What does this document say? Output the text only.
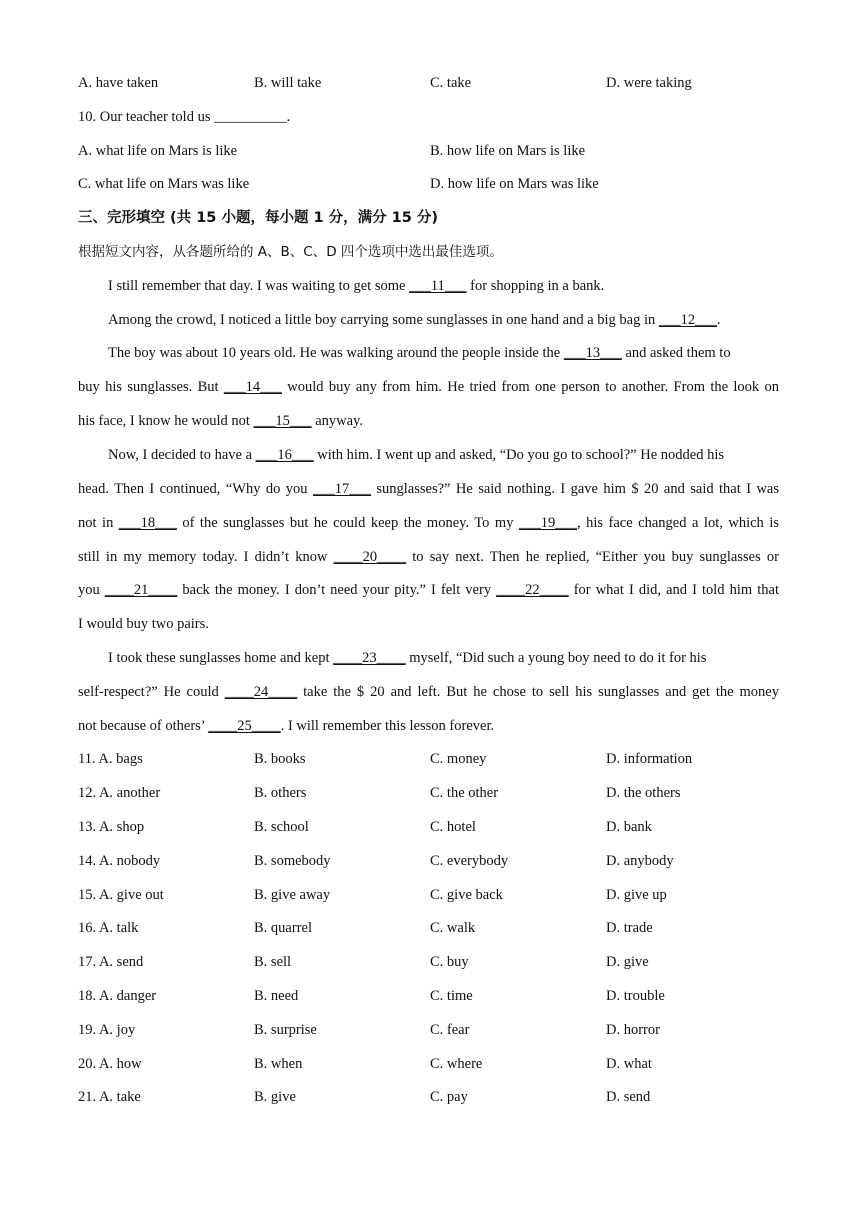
A. have taken	B. will take	C. take	D. were taking
10. Our teacher told us __________.
A. what life on Mars is like	B. how life on Mars is like
C. what life on Mars was like	D. how life on Mars was like
三、完形填空 (共 15 小题，每小题 1 分，满分 15 分)
根据短文内容，从各题所给的 A、B、C、D 四个选项中选出最佳选项。
I still remember that day. I was waiting to get some ___11___ for shopping in a bank.
Among the crowd, I noticed a little boy carrying some sunglasses in one hand and a big bag in ___12___.
The boy was about 10 years old. He was walking around the people inside the ___13___ and asked them to
buy his sunglasses. But ___14___ would buy any from him. He tried from one person to another. From the look on
his face, I know he would not ___15___ anyway.
Now, I decided to have a ___16___ with him. I went up and asked, “Do you go to school?” He nodded his
head. Then I continued, “Why do you ___17___ sunglasses?” He said nothing. I gave him $ 20 and said that I was
not in ___18___ of the sunglasses but he could keep the money. To my ___19___, his face changed a lot, which is
still in my memory today. I didn’t know ____20____ to say next. Then he replied, “Either you buy sunglasses or
you ____21____ back the money. I don’t need your pity.” I felt very ____22____ for what I did, and I told him that
I would buy two pairs.
I took these sunglasses home and kept ____23____ myself, “Did such a young boy need to do it for his
self-respect?” He could ____24____ take the $ 20 and left. But he chose to sell his sunglasses and get the money
not because of others’ ____25____. I will remember this lesson forever.
11. A. bags	B. books	C. money	D. information
12. A. another	B. others	C. the other	D. the others
13. A. shop	B. school	C. hotel	D. bank
14. A. nobody	B. somebody	C. everybody	D. anybody
15. A. give out	B. give away	C. give back	D. give up
16. A. talk	B. quarrel	C. walk	D. trade
17. A. send	B. sell	C. buy	D. give
18. A. danger	B. need	C. time	D. trouble
19. A. joy	B. surprise	C. fear	D. horror
20. A. how	B. when	C. where	D. what
21. A. take	B. give	C. pay	D. send
